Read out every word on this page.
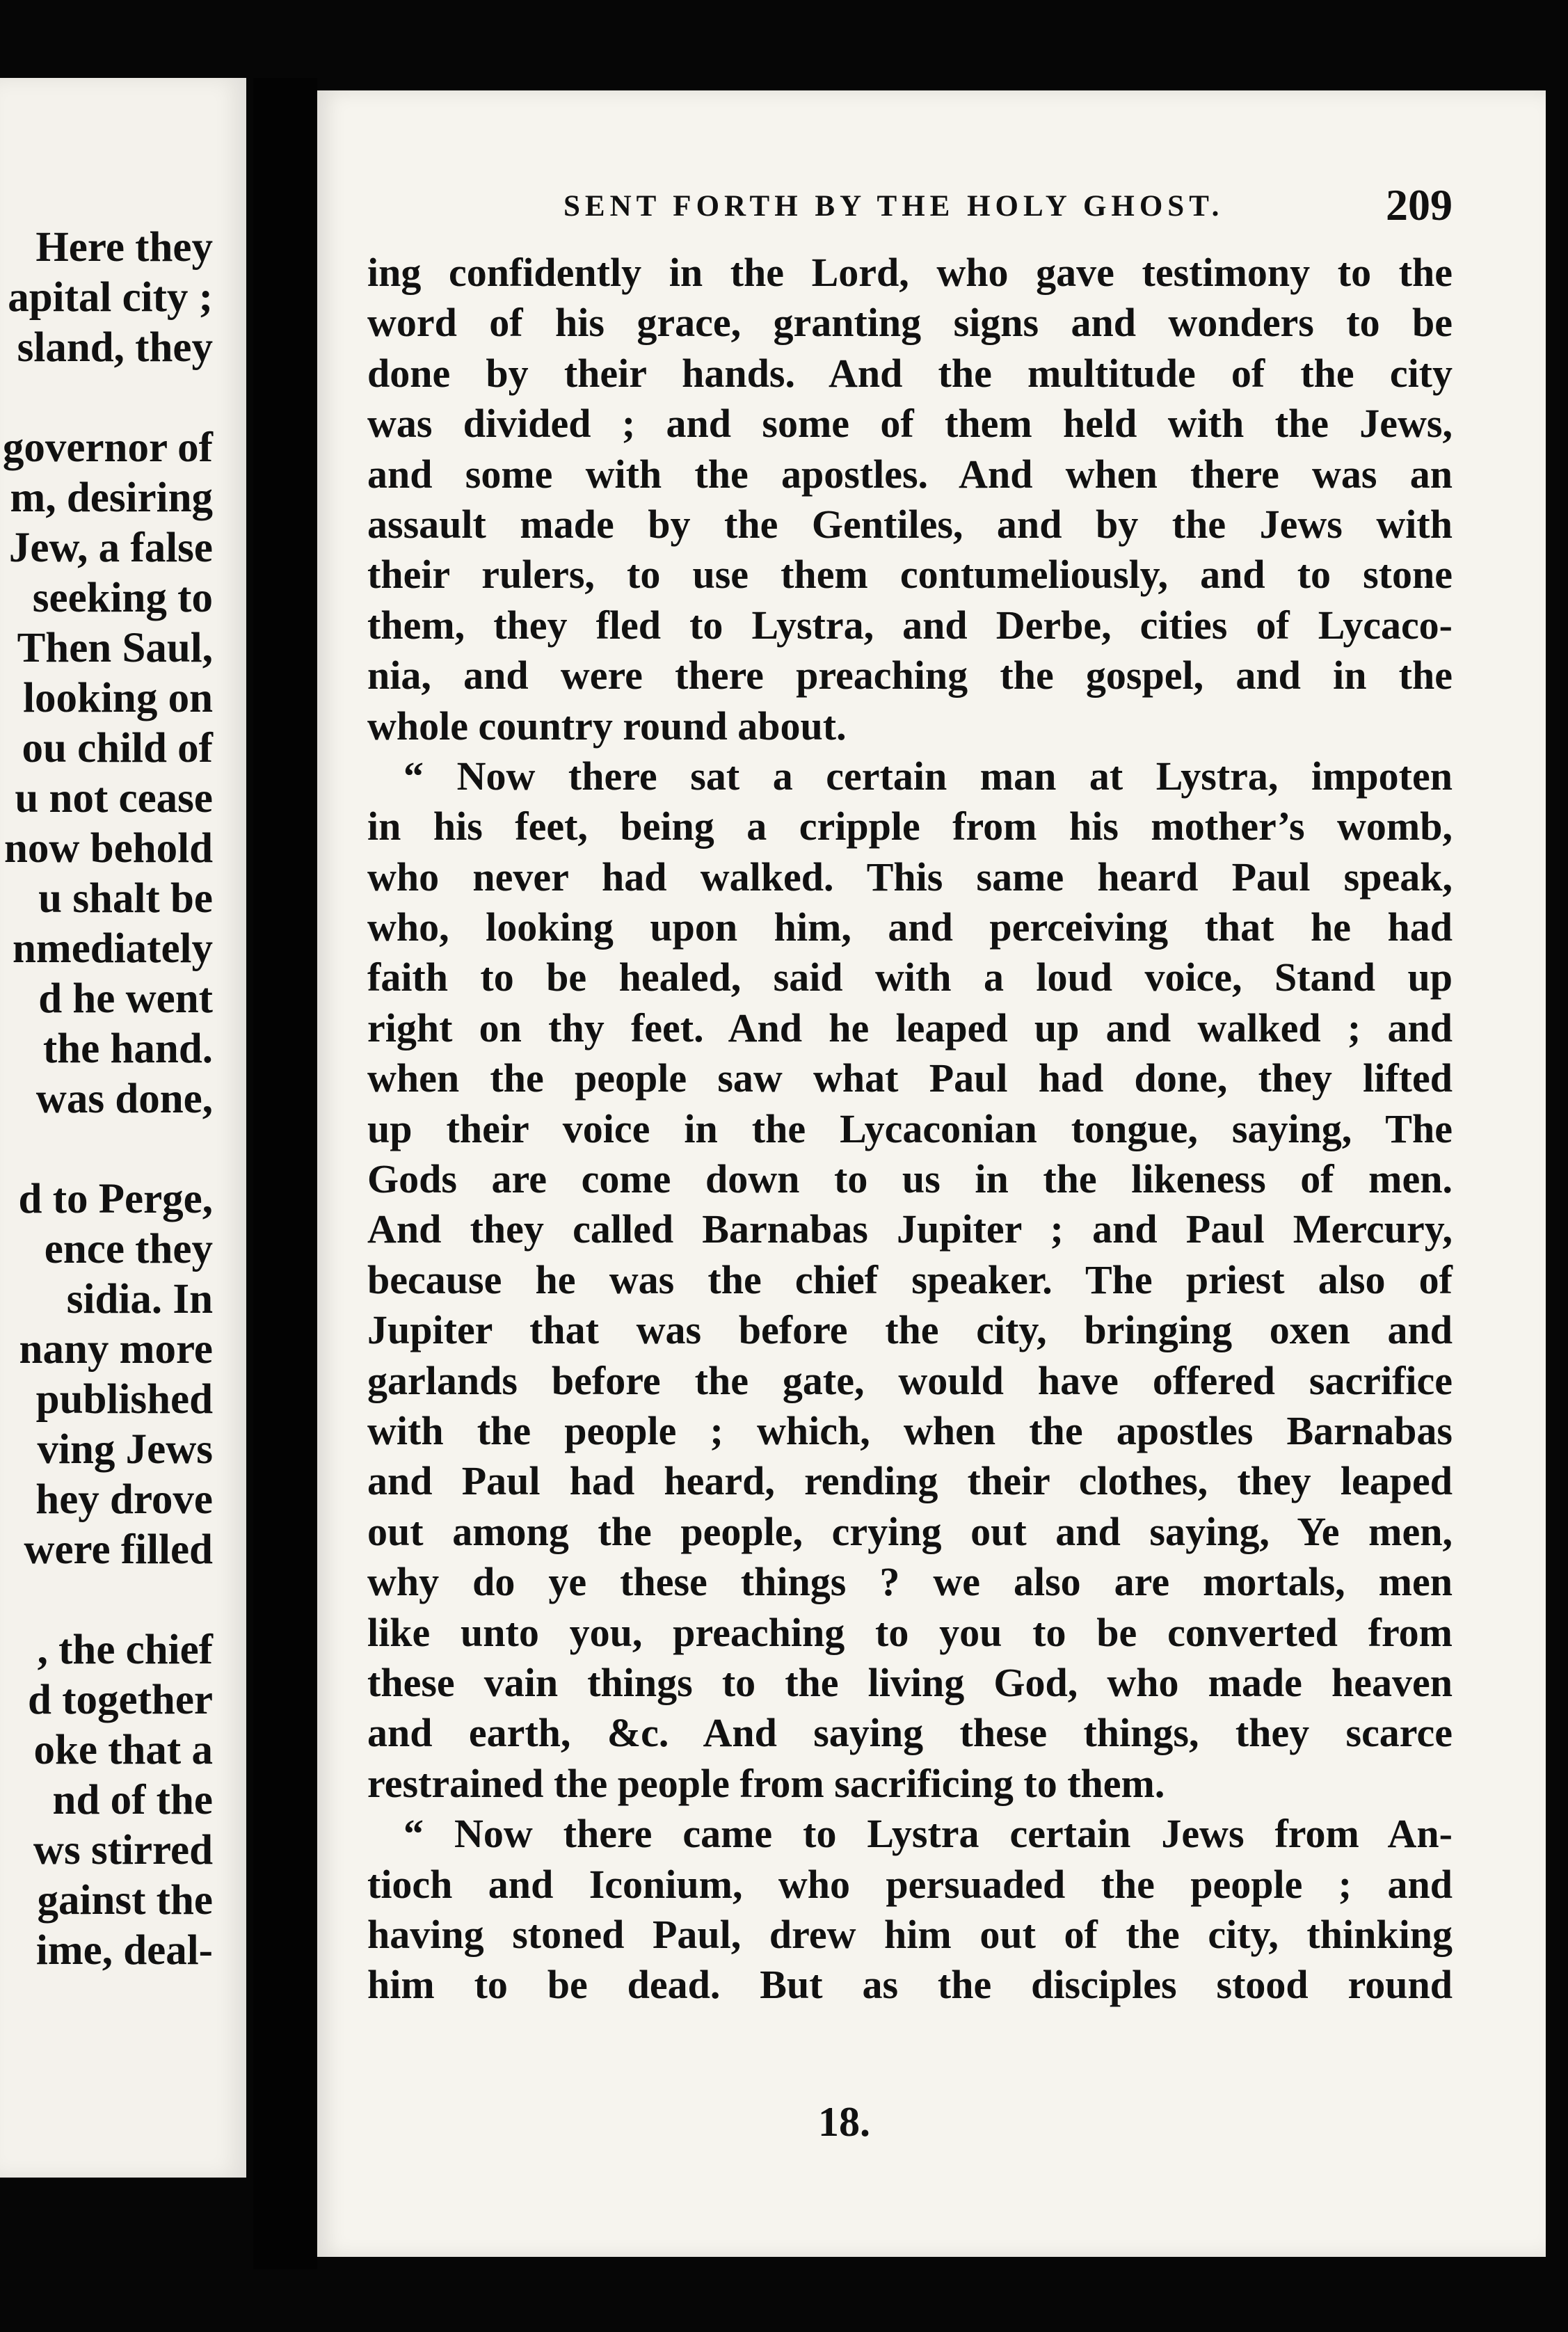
Here they
apital city ;
sland, they
governor of
m, desiring
Jew, a false
seeking to
Then Saul,
looking on
ou child of
u not cease
now behold
u shalt be
nmediately
d he went
the hand.
was done,
d to Perge,
ence they
sidia. In
nany more
published
ving Jews
hey drove
were filled
, the chief
d together
oke that a
nd of the
ws stirred
gainst the
ime, deal-
SENT FORTH BY THE HOLY GHOST.	209
ing confidently in the Lord, who gave testimony to the
word of his grace, granting signs and wonders to be
done by their hands. And the multitude of the city
was divided ; and some of them held with the Jews,
and some with the apostles. And when there was an
assault made by the Gentiles, and by the Jews with
their rulers, to use them contumeliously, and to stone
them, they fled to Lystra, and Derbe, cities of Lycaco-
nia, and were there preaching the gospel, and in the
whole country round about.
“ Now there sat a certain man at Lystra, impoten
in his feet, being a cripple from his mother’s womb,
who never had walked. This same heard Paul speak,
who, looking upon him, and perceiving that he had
faith to be healed, said with a loud voice, Stand up
right on thy feet. And he leaped up and walked ; and
when the people saw what Paul had done, they lifted
up their voice in the Lycaconian tongue, saying, The
Gods are come down to us in the likeness of men.
And they called Barnabas Jupiter ; and Paul Mercury,
because he was the chief speaker. The priest also of
Jupiter that was before the city, bringing oxen and
garlands before the gate, would have offered sacrifice
with the people ; which, when the apostles Barnabas
and Paul had heard, rending their clothes, they leaped
out among the people, crying out and saying, Ye men,
why do ye these things ? we also are mortals, men
like unto you, preaching to you to be converted from
these vain things to the living God, who made heaven
and earth, &c. And saying these things, they scarce
restrained the people from sacrificing to them.
“ Now there came to Lystra certain Jews from An-
tioch and Iconium, who persuaded the people ; and
having stoned Paul, drew him out of the city, thinking
him to be dead. But as the disciples stood round
18.
